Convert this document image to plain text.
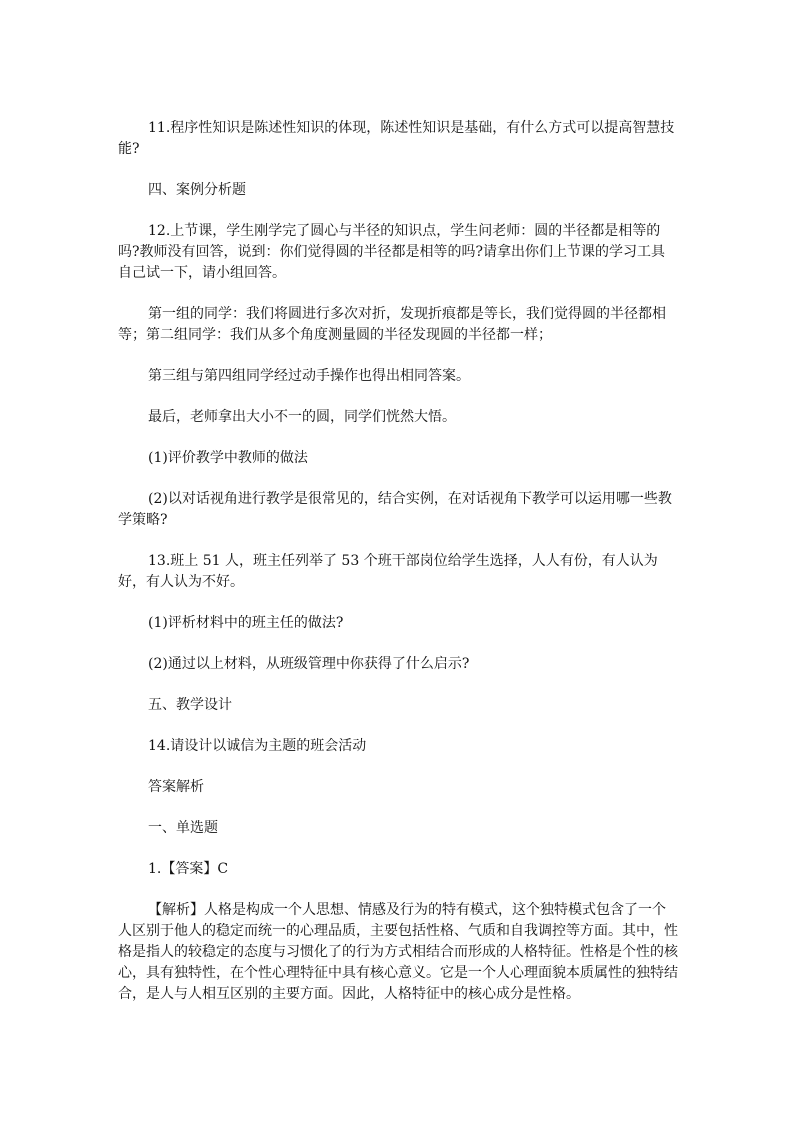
11.程序性知识是陈述性知识的体现，陈述性知识是基础，有什么方式可以提高智慧技能?

四、案例分析题

12.上节课，学生刚学完了圆心与半径的知识点，学生问老师：圆的半径都是相等的吗?教师没有回答，说到：你们觉得圆的半径都是相等的吗?请拿出你们上节课的学习工具自己试一下，请小组回答。

第一组的同学：我们将圆进行多次对折，发现折痕都是等长，我们觉得圆的半径都相等；第二组同学：我们从多个角度测量圆的半径发现圆的半径都一样；

第三组与第四组同学经过动手操作也得出相同答案。

最后，老师拿出大小不一的圆，同学们恍然大悟。

(1)评价教学中教师的做法

(2)以对话视角进行教学是很常见的，结合实例，在对话视角下教学可以运用哪一些教学策略?

13.班上 51 人，班主任列举了 53 个班干部岗位给学生选择，人人有份，有人认为好，有人认为不好。

(1)评析材料中的班主任的做法?

(2)通过以上材料，从班级管理中你获得了什么启示?

五、教学设计

14.请设计以诚信为主题的班会活动

答案解析

一、单选题

1.【答案】C

【解析】人格是构成一个人思想、情感及行为的特有模式，这个独特模式包含了一个人区别于他人的稳定而统一的心理品质，主要包括性格、气质和自我调控等方面。其中，性格是指人的较稳定的态度与习惯化了的行为方式相结合而形成的人格特征。性格是个性的核心，具有独特性，在个性心理特征中具有核心意义。它是一个人心理面貌本质属性的独特结合，是人与人相互区别的主要方面。因此，人格特征中的核心成分是性格。
